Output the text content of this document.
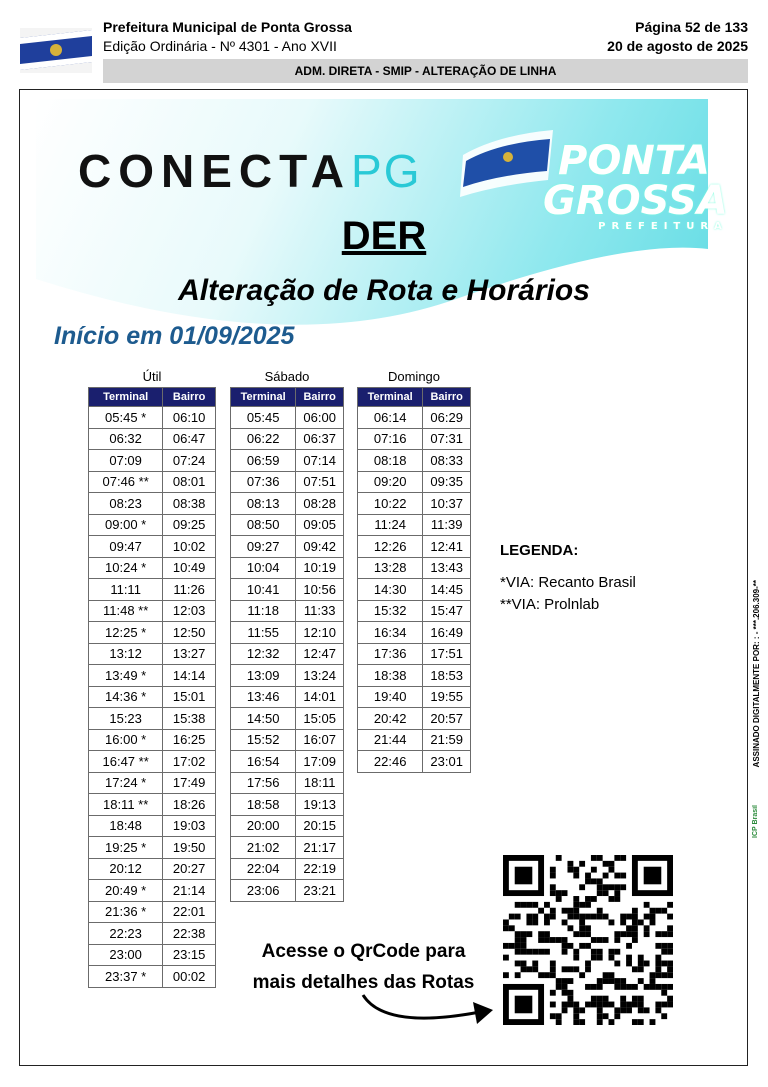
Prefeitura Municipal de Ponta Grossa
Edição Ordinária - Nº 4301 - Ano XVII
Página 52 de 133
20 de agosto de 2025
ADM. DIRETA - SMIP - ALTERAÇÃO DE LINHA
CONECTAPG	PONTA
GROSSA
PREFEITURA
DER
Alteração de Rota e Horários
Início em 01/09/2025
Útil
Terminal	Bairro
05:45 *	06:10
06:32	06:47
07:09	07:24
07:46 **	08:01
08:23	08:38
09:00 *	09:25
09:47	10:02
10:24 *	10:49
11:11	11:26
11:48 **	12:03
12:25 *	12:50
13:12	13:27
13:49 *	14:14
14:36 *	15:01
15:23	15:38
16:00 *	16:25
16:47 **	17:02
17:24 *	17:49
18:11 **	18:26
18:48	19:03
19:25 *	19:50
20:12	20:27
20:49 *	21:14
21:36 *	22:01
22:23	22:38
23:00	23:15
23:37 *	00:02
Sábado
Terminal	Bairro
05:45	06:00
06:22	06:37
06:59	07:14
07:36	07:51
08:13	08:28
08:50	09:05
09:27	09:42
10:04	10:19
10:41	10:56
11:18	11:33
11:55	12:10
12:32	12:47
13:09	13:24
13:46	14:01
14:50	15:05
15:52	16:07
16:54	17:09
17:56	18:11
18:58	19:13
20:00	20:15
21:02	21:17
22:04	22:19
23:06	23:21
Domingo
Terminal	Bairro
06:14	06:29
07:16	07:31
08:18	08:33
09:20	09:35
10:22	10:37
11:24	11:39
12:26	12:41
13:28	13:43
14:30	14:45
15:32	15:47
16:34	16:49
17:36	17:51
18:38	18:53
19:40	19:55
20:42	20:57
21:44	21:59
22:46	23:01
LEGENDA:
*VIA: Recanto Brasil
**VIA: Prolnlab
Acesse o QrCode para
mais detalhes das Rotas
ASSINADO DIGITALMENTE POR: : - ***.206.309-**
ICP Brasil
